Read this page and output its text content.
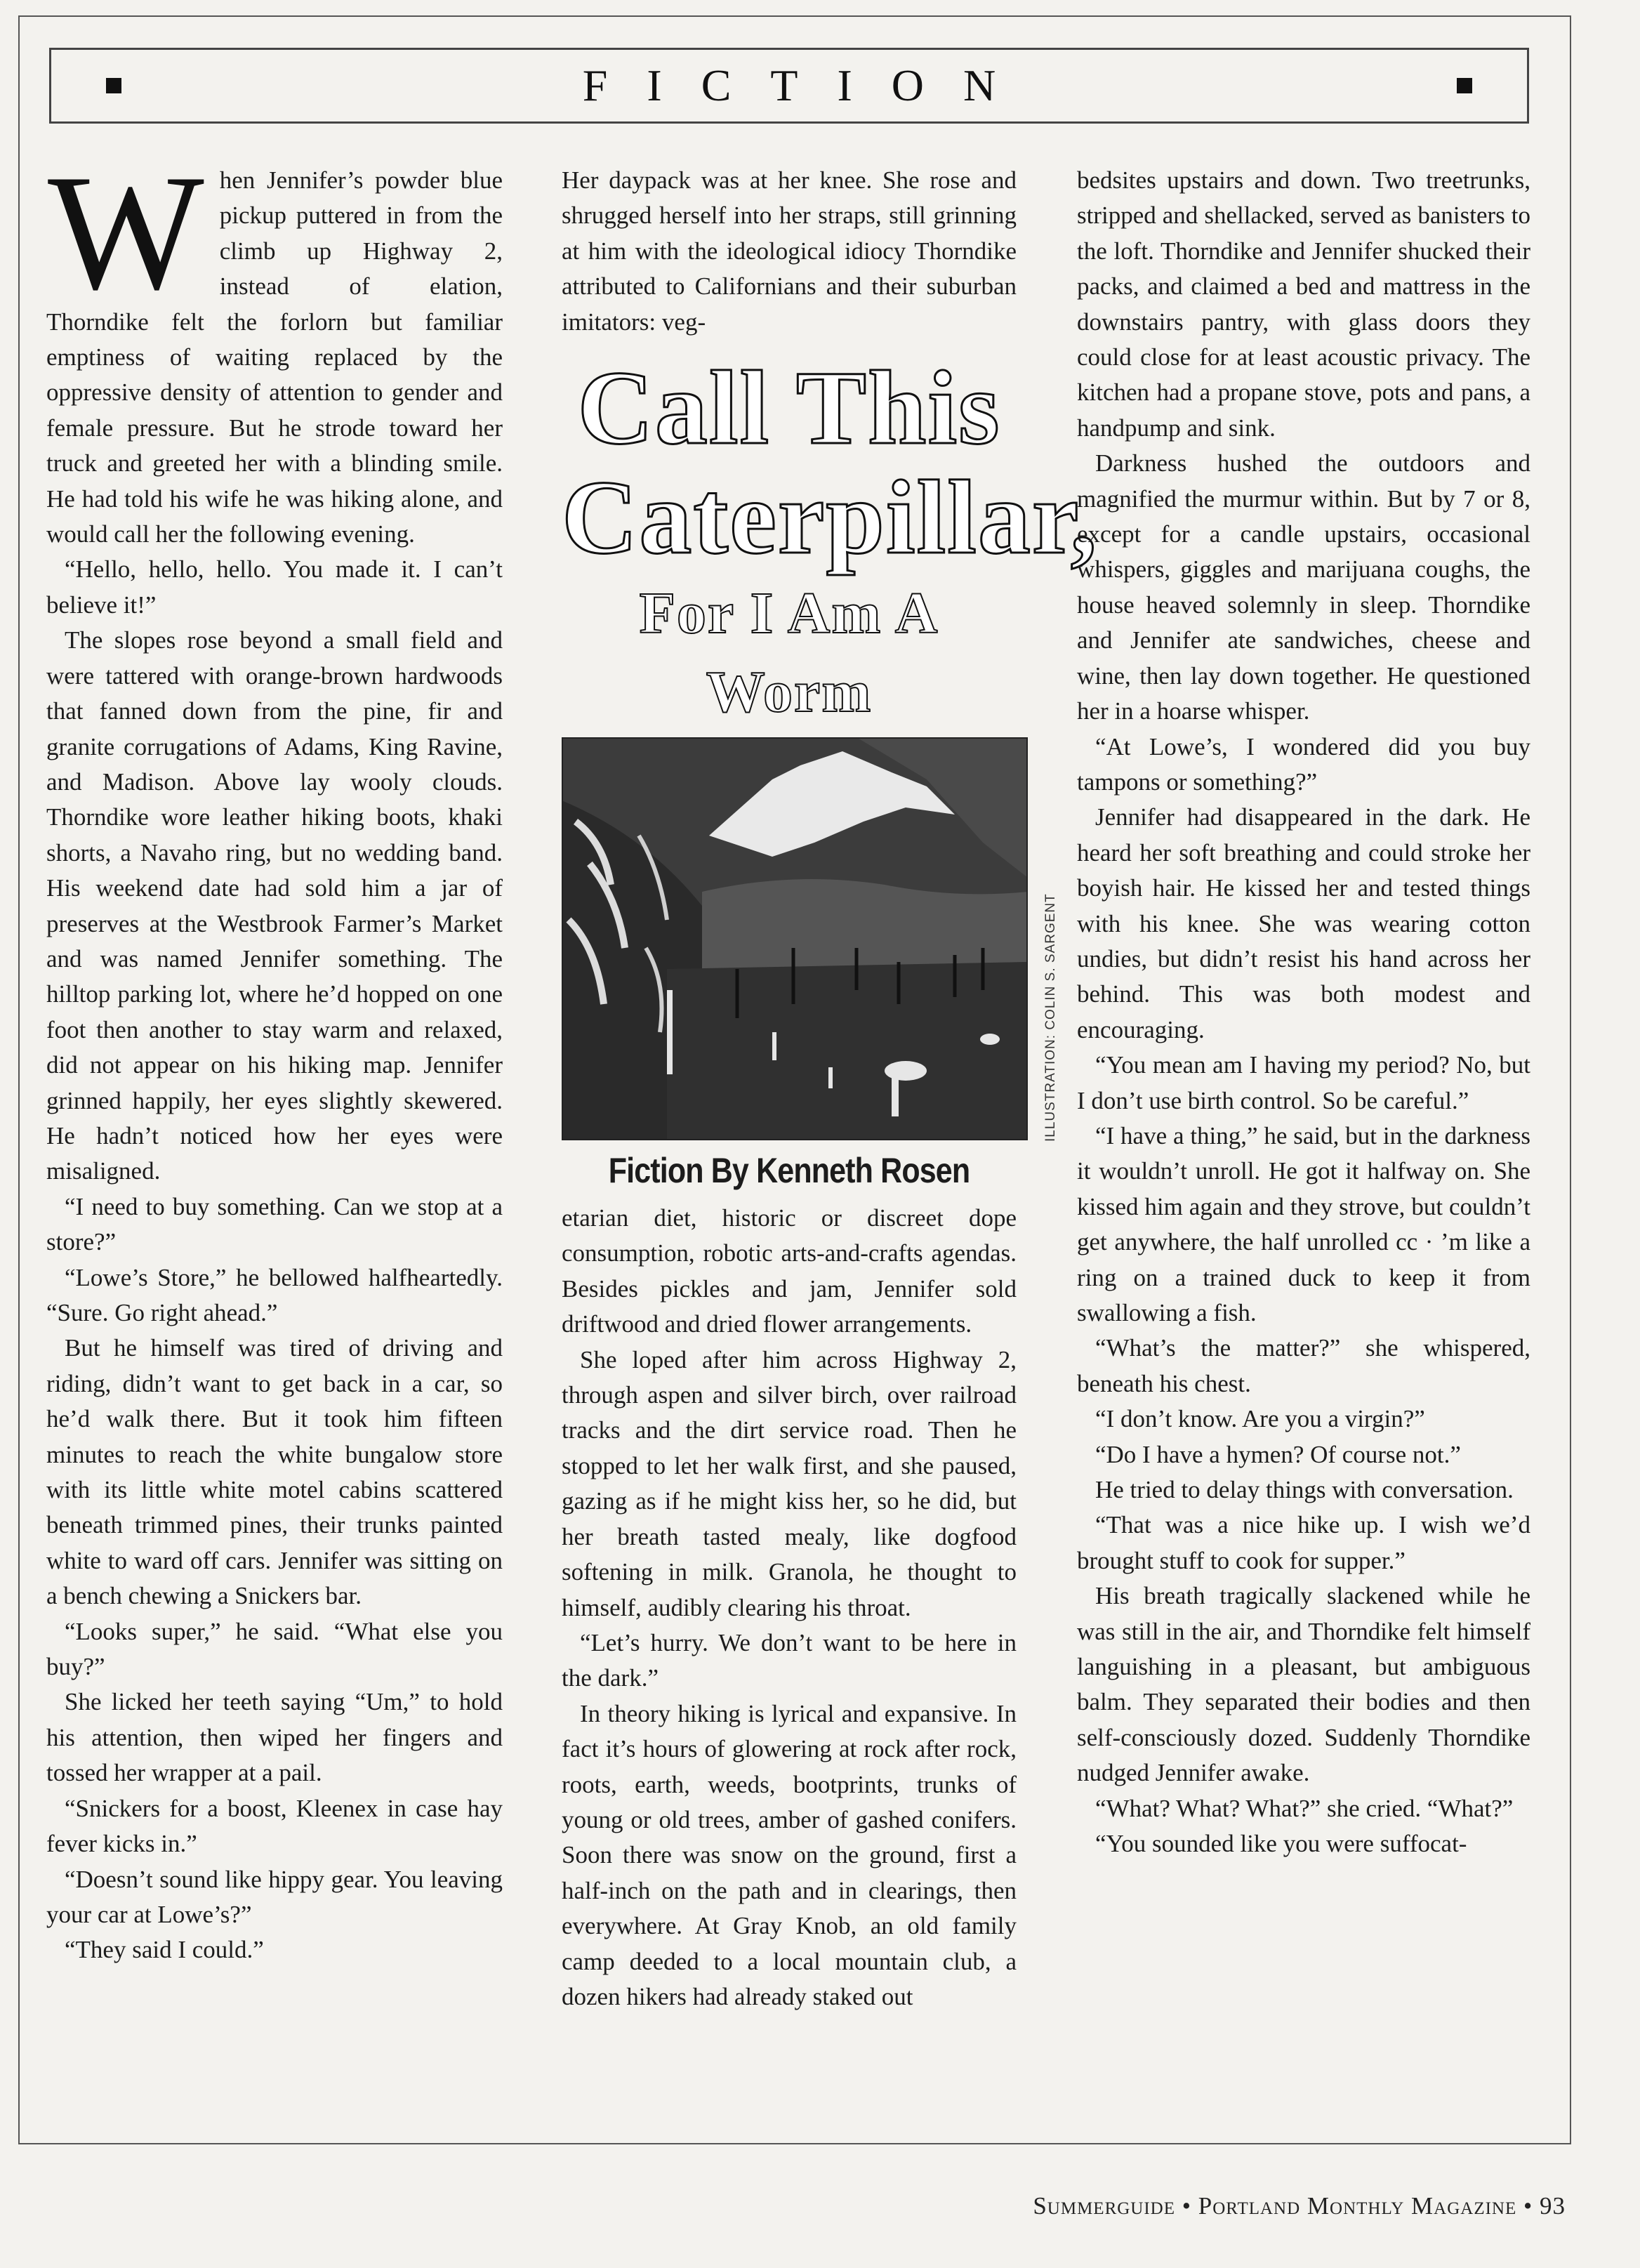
FICTION
W hen Jennifer’s powder blue pickup puttered in from the climb up Highway 2, instead of elation, Thorndike felt the forlorn but familiar emptiness of waiting replaced by the oppressive density of attention to gender and female pressure. But he strode toward her truck and greeted her with a blinding smile. He had told his wife he was hiking alone, and would call her the following evening.

“Hello, hello, hello. You made it. I can’t believe it!”

The slopes rose beyond a small field and were tattered with orange-brown hardwoods that fanned down from the pine, fir and granite corrugations of Adams, King Ravine, and Madison. Above lay wooly clouds. Thorndike wore leather hiking boots, khaki shorts, a Navaho ring, but no wedding band. His weekend date had sold him a jar of preserves at the Westbrook Farmer’s Market and was named Jennifer something. The hilltop parking lot, where he’d hopped on one foot then another to stay warm and relaxed, did not appear on his hiking map. Jennifer grinned happily, her eyes slightly skewered. He hadn’t noticed how her eyes were misaligned.

“I need to buy something. Can we stop at a store?”

“Lowe’s Store,” he bellowed halfheartedly. “Sure. Go right ahead.”

But he himself was tired of driving and riding, didn’t want to get back in a car, so he’d walk there. But it took him fifteen minutes to reach the white bungalow store with its little white motel cabins scattered beneath trimmed pines, their trunks painted white to ward off cars. Jennifer was sitting on a bench chewing a Snickers bar.

“Looks super,” he said. “What else you buy?”

She licked her teeth saying “Um,” to hold his attention, then wiped her fingers and tossed her wrapper at a pail.

“Snickers for a boost, Kleenex in case hay fever kicks in.”

“Doesn’t sound like hippy gear. You leaving your car at Lowe’s?”

“They said I could.”

Her daypack was at her knee. She rose and shrugged herself into her straps, still grinning at him with the ideological idiocy Thorndike attributed to Californians and their suburban imitators: veg-

Call This
Caterpillar,
For I Am A Worm
ILLUSTRATION: COLIN S. SARGENT
Fiction By Kenneth Rosen

etarian diet, historic or discreet dope consumption, robotic arts-and-crafts agendas. Besides pickles and jam, Jennifer sold driftwood and dried flower arrangements.

She loped after him across Highway 2, through aspen and silver birch, over railroad tracks and the dirt service road. Then he stopped to let her walk first, and she paused, gazing as if he might kiss her, so he did, but her breath tasted mealy, like dogfood softening in milk. Granola, he thought to himself, audibly clearing his throat.

“Let’s hurry. We don’t want to be here in the dark.”

In theory hiking is lyrical and expansive. In fact it’s hours of glowering at rock after rock, roots, earth, weeds, bootprints, trunks of young or old trees, amber of gashed conifers. Soon there was snow on the ground, first a half-inch on the path and in clearings, then everywhere. At Gray Knob, an old family camp deeded to a local mountain club, a dozen hikers had already staked out

bedsites upstairs and down. Two treetrunks, stripped and shellacked, served as banisters to the loft. Thorndike and Jennifer shucked their packs, and claimed a bed and mattress in the downstairs pantry, with glass doors they could close for at least acoustic privacy. The kitchen had a propane stove, pots and pans, a handpump and sink.

Darkness hushed the outdoors and magnified the murmur within. But by 7 or 8, except for a candle upstairs, occasional whispers, giggles and marijuana coughs, the house heaved solemnly in sleep. Thorndike and Jennifer ate sandwiches, cheese and wine, then lay down together. He questioned her in a hoarse whisper.

“At Lowe’s, I wondered did you buy tampons or something?”

Jennifer had disappeared in the dark. He heard her soft breathing and could stroke her boyish hair. He kissed her and tested things with his knee. She was wearing cotton undies, but didn’t resist his hand across her behind. This was both modest and encouraging.

“You mean am I having my period? No, but I don’t use birth control. So be careful.”

“I have a thing,” he said, but in the darkness it wouldn’t unroll. He got it halfway on. She kissed him again and they strove, but couldn’t get anywhere, the half unrolled cc · ’m like a ring on a trained duck to keep it from swallowing a fish.

“What’s the matter?” she whispered, beneath his chest.

“I don’t know. Are you a virgin?”

“Do I have a hymen? Of course not.”

He tried to delay things with conversation.

“That was a nice hike up. I wish we’d brought stuff to cook for supper.”

His breath tragically slackened while he was still in the air, and Thorndike felt himself languishing in a pleasant, but ambiguous balm. They separated their bodies and then self-consciously dozed. Suddenly Thorndike nudged Jennifer awake.

“What? What? What?” she cried. “What?”

“You sounded like you were suffocat-

Summerguide • Portland Monthly Magazine • 93
